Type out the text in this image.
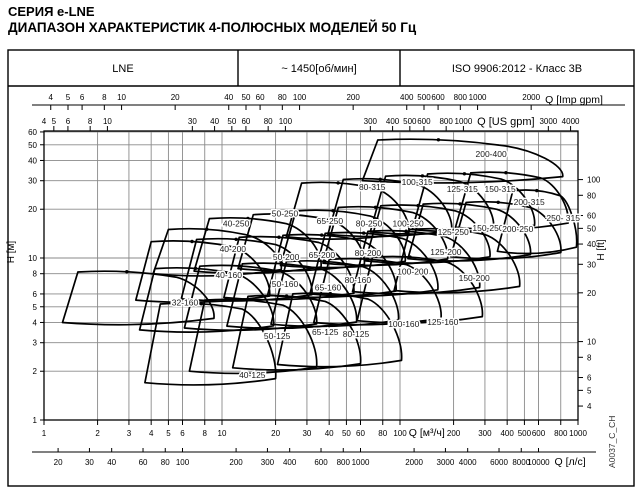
СЕРИЯ e-LNE
ДИАПАЗОН ХАРАКТЕРИСТИК 4-ПОЛЮСНЫХ МОДЕЛЕЙ 50 Гц
LNE	~ 1450[об/мин]	ISO 9906:2012 - Класс 3В
4 5 6 8 10	20	40 50 60 80 100	200	400 500 600 800 1000	2000 Q [Imp gpm]
4 5 6 8 10	30 40 50 60 80 100	300 400 500 600 800 1000 Q [US gpm] 3000 4000
1	2	3 4 5 6 8 10	20	30 40 50 60 80 100 Q [м³/ч] 200 300 400 500 600 800 1000
20	30 40	60 80 100	200 300 400 600 800 1000	2000 3000 4000 6000 8000
10000 Q [л/с]
1
2
3
4
5
6
8
10
20
30
40
50
60
H [м]
4
5
6
8
10
20
30
40
50
60
80
100
H [ft]
32-160
40-160
50-160 65-160
80-160
100-160 125-160
40-125
50-125	65-125 80-125
40-200
50-200 65-200 80-200
100-200
125-200
150-200
40-250
50-250
65-250 80-250 100-250
125-250 150-250
200-250
80-315 100-315
125-315 150-315
200-315
250- 315
200-400
A0037_C_CH
